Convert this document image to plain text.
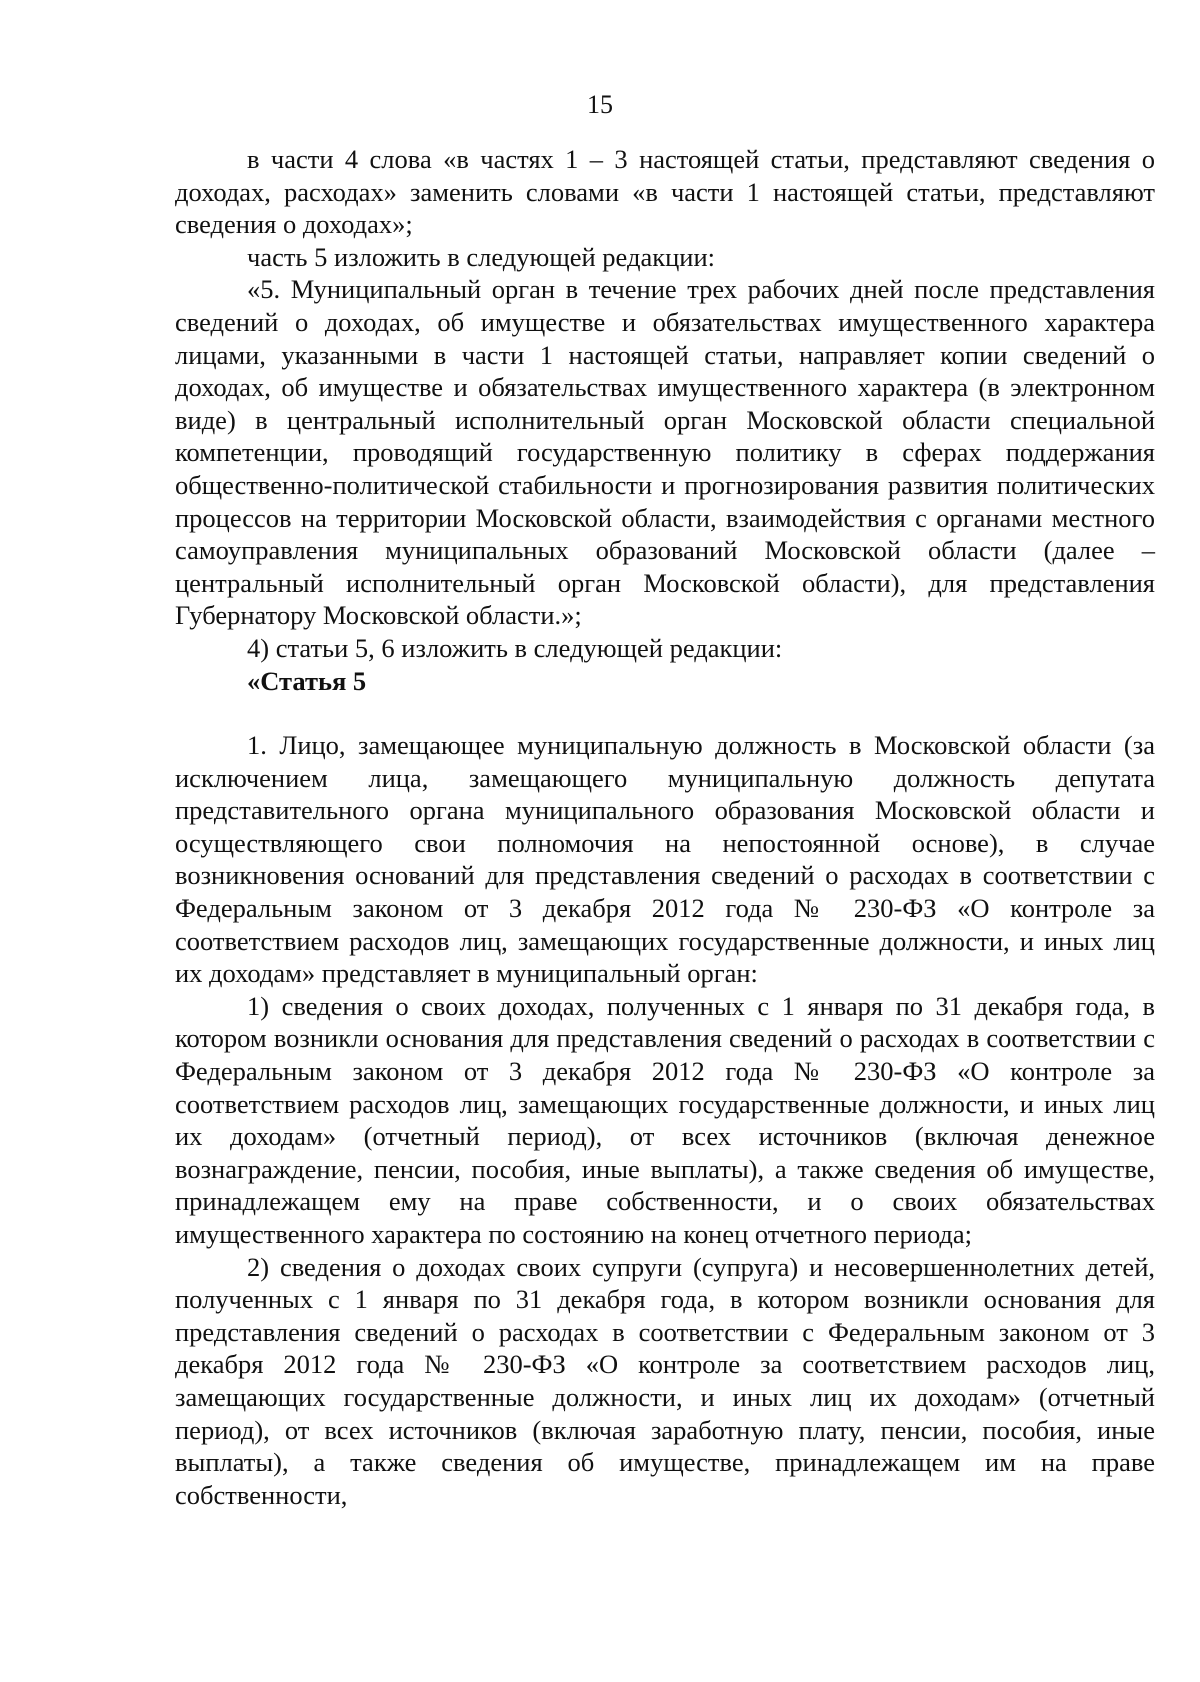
15

в части 4 слова «в частях 1 – 3 настоящей статьи, представляют сведения о доходах, расходах» заменить словами «в части 1 настоящей статьи, представляют сведения о доходах»;

часть 5 изложить в следующей редакции:

«5. Муниципальный орган в течение трех рабочих дней после представления сведений о доходах, об имуществе и обязательствах имущественного характера лицами, указанными в части 1 настоящей статьи, направляет копии сведений о доходах, об имуществе и обязательствах имущественного характера (в электронном виде) в центральный исполнительный орган Московской области специальной компетенции, проводящий государственную политику в сферах поддержания общественно-политической стабильности и прогнозирования развития политических процессов на территории Московской области, взаимодействия с органами местного самоуправления муниципальных образований Московской области (далее – центральный исполнительный орган Московской области), для представления Губернатору Московской области.»;

4) статьи 5, 6 изложить в следующей редакции:

«Статья 5

1. Лицо, замещающее муниципальную должность в Московской области (за исключением лица, замещающего муниципальную должность депутата представительного органа муниципального образования Московской области и осуществляющего свои полномочия на непостоянной основе), в случае возникновения оснований для представления сведений о расходах в соответствии с Федеральным законом от 3 декабря 2012 года № 230-ФЗ «О контроле за соответствием расходов лиц, замещающих государственные должности, и иных лиц их доходам» представляет в муниципальный орган:

1) сведения о своих доходах, полученных с 1 января по 31 декабря года, в котором возникли основания для представления сведений о расходах в соответствии с Федеральным законом от 3 декабря 2012 года № 230-ФЗ «О контроле за соответствием расходов лиц, замещающих государственные должности, и иных лиц их доходам» (отчетный период), от всех источников (включая денежное вознаграждение, пенсии, пособия, иные выплаты), а также сведения об имуществе, принадлежащем ему на праве собственности, и о своих обязательствах имущественного характера по состоянию на конец отчетного периода;

2) сведения о доходах своих супруги (супруга) и несовершеннолетних детей, полученных с 1 января по 31 декабря года, в котором возникли основания для представления сведений о расходах в соответствии с Федеральным законом от 3 декабря 2012 года № 230-ФЗ «О контроле за соответствием расходов лиц, замещающих государственные должности, и иных лиц их доходам» (отчетный период), от всех источников (включая заработную плату, пенсии, пособия, иные выплаты), а также сведения об имуществе, принадлежащем им на праве собственности,
